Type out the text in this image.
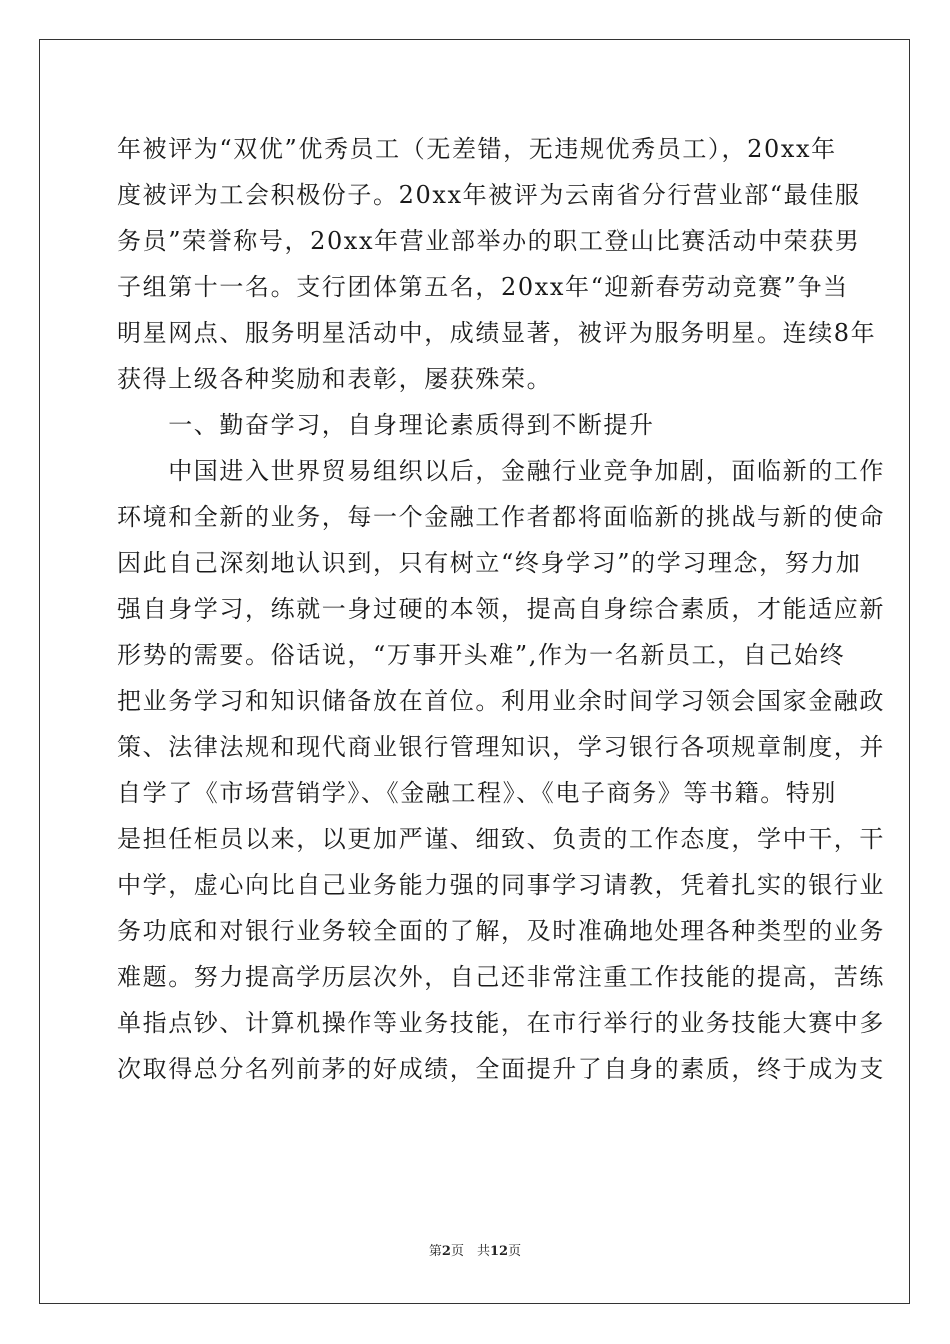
年被评为“双优”优秀员工（无差错，无违规优秀员工），20xx年
度被评为工会积极份子。20xx年被评为云南省分行营业部“最佳服
务员”荣誉称号，20xx年营业部举办的职工登山比赛活动中荣获男
子组第十一名。支行团体第五名，20xx年“迎新春劳动竞赛”争当
明星网点、服务明星活动中，成绩显著，被评为服务明星。连续8年
获得上级各种奖励和表彰，屡获殊荣。
　　一、勤奋学习，自身理论素质得到不断提升
　　中国进入世界贸易组织以后，金融行业竞争加剧，面临新的工作
环境和全新的业务，每一个金融工作者都将面临新的挑战与新的使命
因此自己深刻地认识到，只有树立“终身学习”的学习理念，努力加
强自身学习，练就一身过硬的本领，提高自身综合素质，才能适应新
形势的需要。俗话说，“万事开头难”,作为一名新员工，自己始终
把业务学习和知识储备放在首位。利用业余时间学习领会国家金融政
策、法律法规和现代商业银行管理知识，学习银行各项规章制度，并
自学了《市场营销学》、《金融工程》、《电子商务》等书籍。特别
是担任柜员以来，以更加严谨、细致、负责的工作态度，学中干，干
中学，虚心向比自己业务能力强的同事学习请教，凭着扎实的银行业
务功底和对银行业务较全面的了解，及时准确地处理各种类型的业务
难题。努力提高学历层次外，自己还非常注重工作技能的提高，苦练
单指点钞、计算机操作等业务技能，在市行举行的业务技能大赛中多
次取得总分名列前茅的好成绩，全面提升了自身的素质，终于成为支
第2页　共12页
